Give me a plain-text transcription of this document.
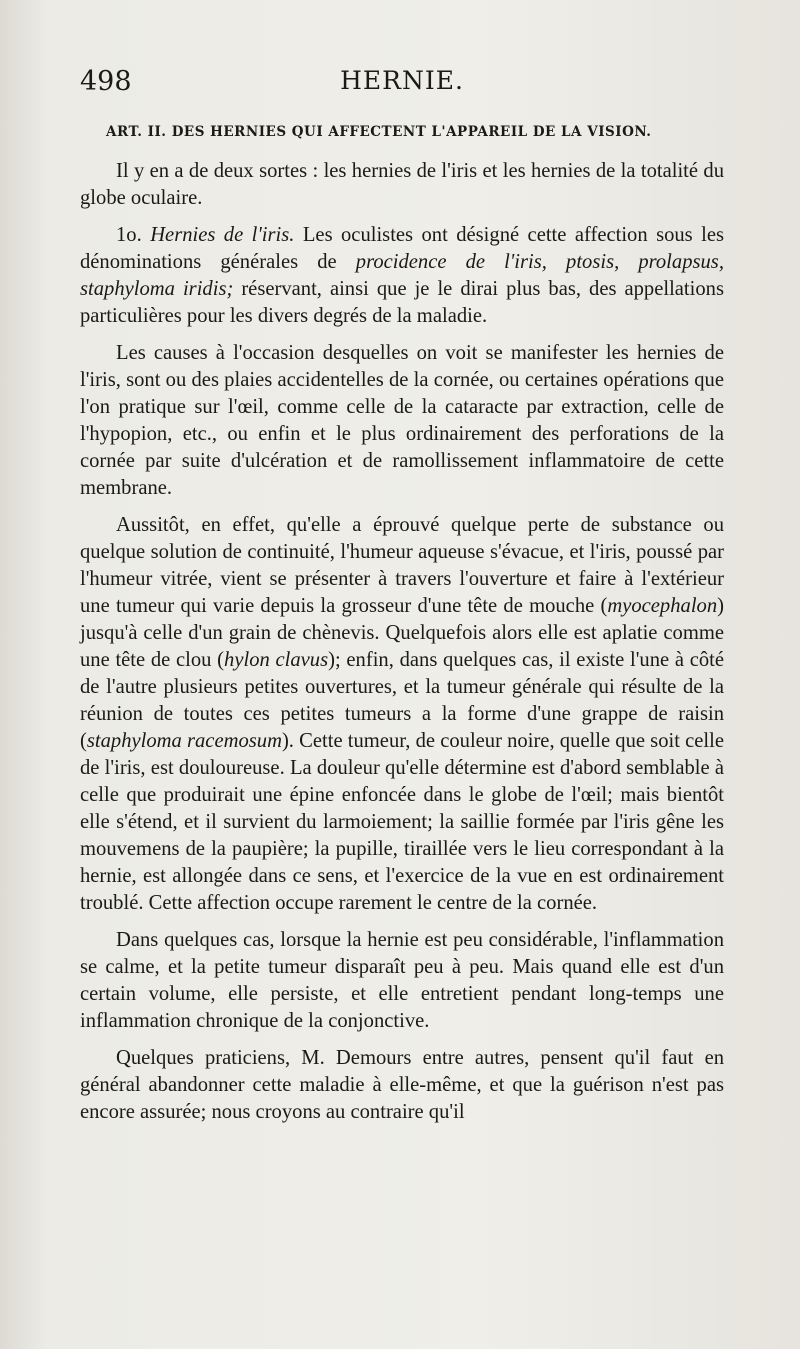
498	HERNIE.
ART. II. DES HERNIES QUI AFFECTENT L'APPAREIL DE LA VISION.

Il y en a de deux sortes : les hernies de l'iris et les hernies de la totalité du globe oculaire.

1o. Hernies de l'iris. Les oculistes ont désigné cette affection sous les dénominations générales de procidence de l'iris, ptosis, prolapsus, staphyloma iridis; réservant, ainsi que je le dirai plus bas, des appellations particulières pour les divers degrés de la maladie.

Les causes à l'occasion desquelles on voit se manifester les hernies de l'iris, sont ou des plaies accidentelles de la cornée, ou certaines opérations que l'on pratique sur l'œil, comme celle de la cataracte par extraction, celle de l'hypopion, etc., ou enfin et le plus ordinairement des perforations de la cornée par suite d'ulcération et de ramollissement inflammatoire de cette membrane.

Aussitôt, en effet, qu'elle a éprouvé quelque perte de substance ou quelque solution de continuité, l'humeur aqueuse s'évacue, et l'iris, poussé par l'humeur vitrée, vient se présenter à travers l'ouverture et faire à l'extérieur une tumeur qui varie depuis la grosseur d'une tête de mouche (myocephalon) jusqu'à celle d'un grain de chènevis. Quelquefois alors elle est aplatie comme une tête de clou (hylon clavus); enfin, dans quelques cas, il existe l'une à côté de l'autre plusieurs petites ouvertures, et la tumeur générale qui résulte de la réunion de toutes ces petites tumeurs a la forme d'une grappe de raisin (staphyloma racemosum). Cette tumeur, de couleur noire, quelle que soit celle de l'iris, est douloureuse. La douleur qu'elle détermine est d'abord semblable à celle que produirait une épine enfoncée dans le globe de l'œil; mais bientôt elle s'étend, et il survient du larmoiement; la saillie formée par l'iris gêne les mouvemens de la paupière; la pupille, tiraillée vers le lieu correspondant à la hernie, est allongée dans ce sens, et l'exercice de la vue en est ordinairement troublé. Cette affection occupe rarement le centre de la cornée.

Dans quelques cas, lorsque la hernie est peu considérable, l'inflammation se calme, et la petite tumeur disparaît peu à peu. Mais quand elle est d'un certain volume, elle persiste, et elle entretient pendant long-temps une inflammation chronique de la conjonctive.

Quelques praticiens, M. Demours entre autres, pensent qu'il faut en général abandonner cette maladie à elle-même, et que la guérison n'est pas encore assurée; nous croyons au contraire qu'il
